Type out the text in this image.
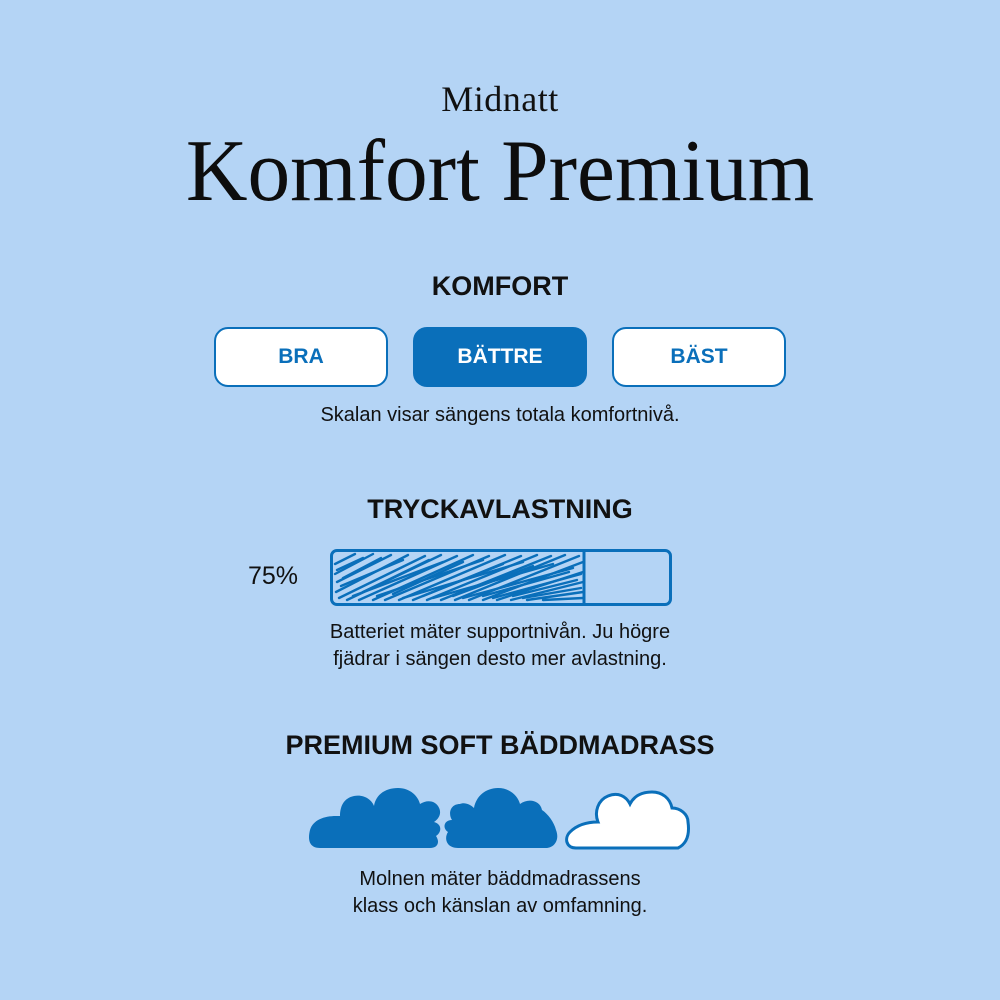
Midnatt
Komfort Premium
KOMFORT
BRA	BÄTTRE	BÄST
Skalan visar sängens totala komfortnivå.
TRYCKAVLASTNING
75%
Batteriet mäter supportnivån. Ju högre
fjädrar i sängen desto mer avlastning.
PREMIUM SOFT BÄDDMADRASS
Molnen mäter bäddmadrassens
klass och känslan av omfamning.
